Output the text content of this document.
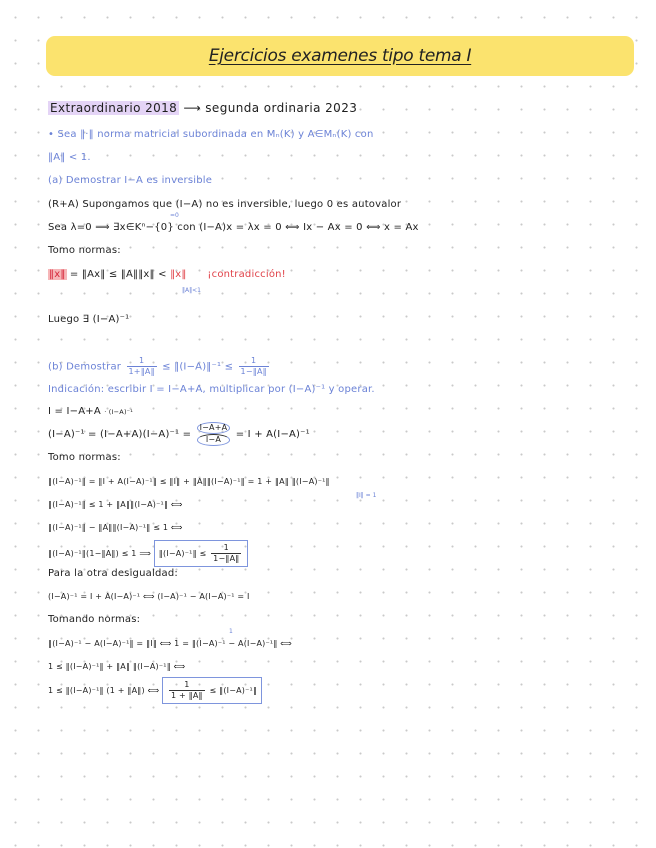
Ejercicios examenes tipo tema I
Extraordinario 2018 ⟶ segunda ordinaria 2023
• Sea ‖·‖ norma matricial subordinada en Mₙ(K) y A∈Mₙ(K) con
‖A‖ < 1.
(a) Demostrar I−A es inversible
(R+A) Supongamos que (I−A) no es inversible, luego 0 es autovalor
Sea λ=0 ⟹ ∃x∈Kⁿ−{0} con (I−A)x = λx = 0 ⟺ Ix − Ax = 0 ⟺ x = Ax
=0
Tomo normas:
‖x‖ = ‖Ax‖ ≤ ‖A‖‖x‖ < ‖x‖ ¡contradicción!
‖A‖<1
Luego ∃ (I−A)⁻¹
(b) Demostrar $\frac{1}{1+‖A‖}$ ≤ ‖(I−A)‖⁻¹ ≤ $\frac{1}{1-‖A‖}$
Indicación: escribir I = I−A+A, multiplicar por (I−A)⁻¹ y operar.
I = I−A+A · (I−A)⁻¹
$(I-A)^{-1} = (I-A+A)(I-A)^{-1} = \frac{I-A+A}{I-A} = I + A(I-A)^{-1}$
Tomo normas:
‖(I−A)⁻¹‖ = ‖I + A(I−A)⁻¹‖ ≤ ‖I‖ + ‖A‖‖(I−A)⁻¹‖ = 1 + ‖A‖ ‖(I−A)⁻¹‖
‖I‖ = 1
‖(I−A)⁻¹‖ ≤ 1 + ‖A‖‖(I−A)⁻¹‖ ⟺
‖(I−A)⁻¹‖ − ‖A‖‖(I−A)⁻¹‖ ≤ 1 ⟺
‖(I−A)⁻¹‖(1−‖A‖) ≤ 1 ⟹ ‖(I−A)⁻¹‖ ≤ $\frac{1}{1-‖A‖}$
Para la otra desigualdad:
(I−A)⁻¹ = I + A(I−A)⁻¹ ⟺ (I−A)⁻¹ − A(I−A)⁻¹ = I
Tomando normas:
‖(I−A)⁻¹ − A(I−A)⁻¹‖ = ‖I‖ ⟺ 1 = ‖(I−A)⁻¹ − A(I−A)⁻¹‖ ⟺
1
1 ≤ ‖(I−A)⁻¹‖ + ‖A‖ ‖(I−A)⁻¹‖ ⟺
1 ≤ ‖(I−A)⁻¹‖ (1 + ‖A‖) ⟺ $\frac{1}{1 + ‖A‖}$ ≤ ‖(I−A)⁻¹‖
